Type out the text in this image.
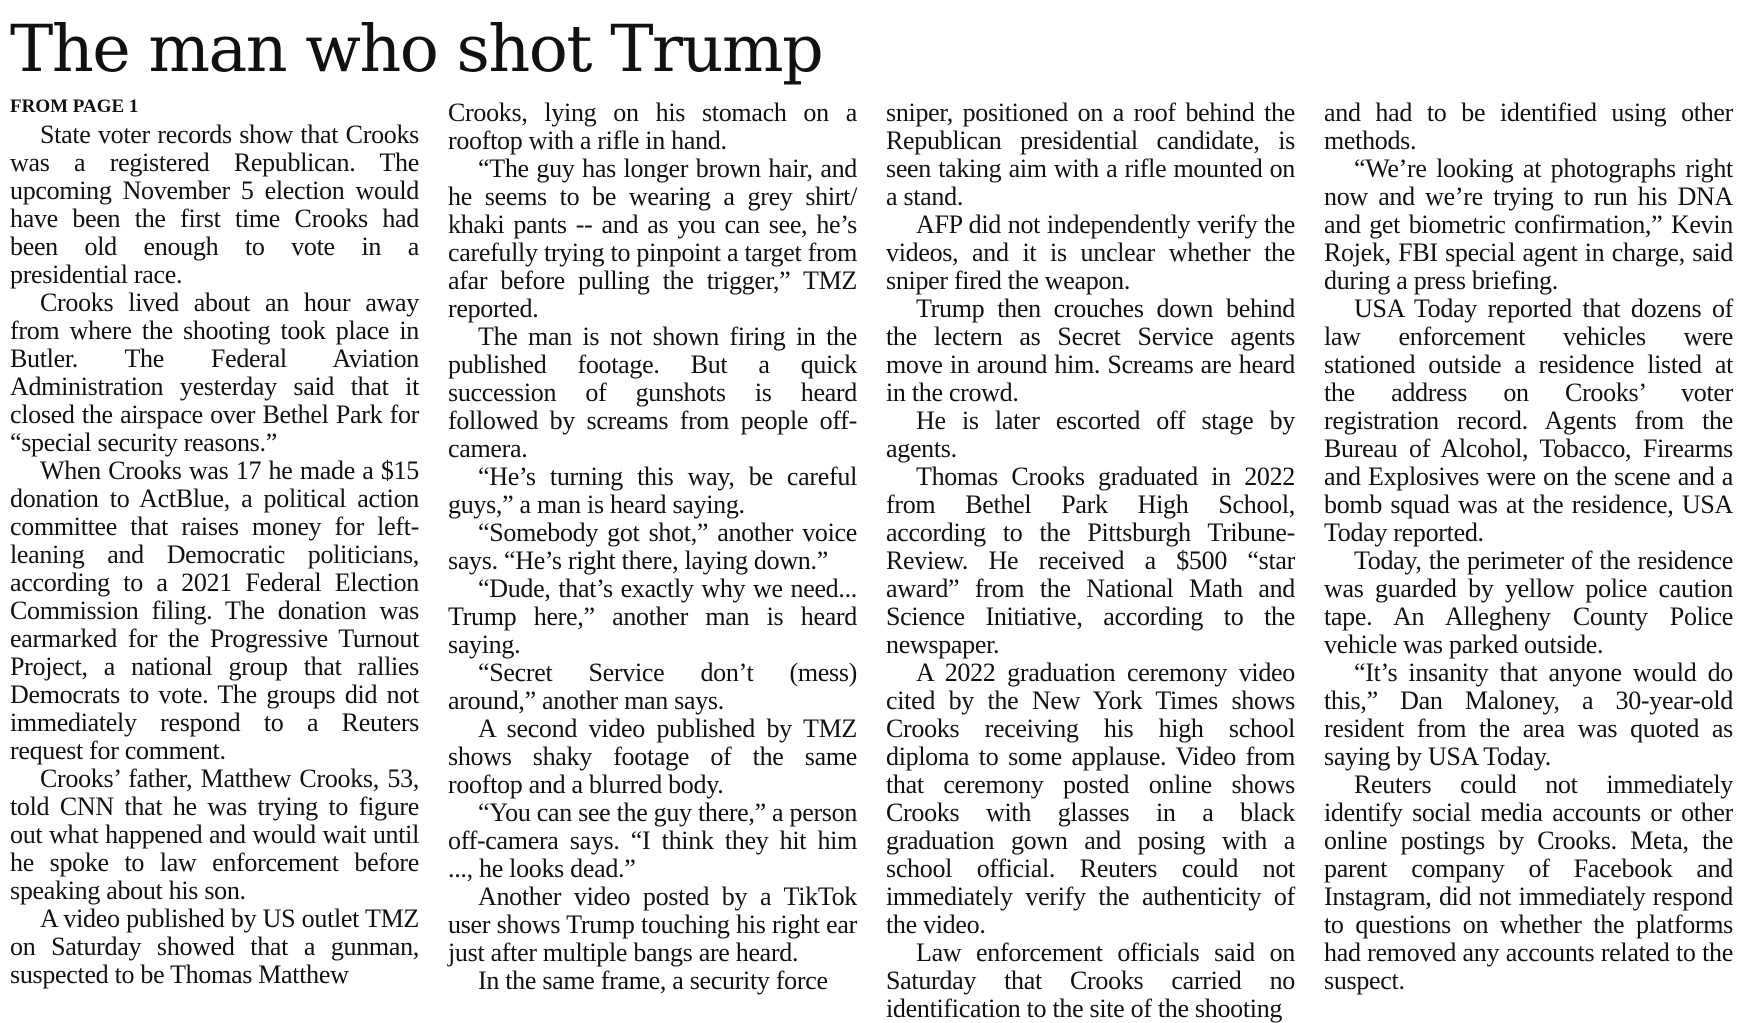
The man who shot Trump
FROM PAGE 1

State voter records show that Crooks was a registered Republican. The upcoming November 5 election would have been the first time Crooks had been old enough to vote in a presidential race.

Crooks lived about an hour away from where the shooting took place in Butler. The Federal Aviation Administration yesterday said that it closed the airspace over Bethel Park for “special security reasons.”

When Crooks was 17 he made a $15 donation to ActBlue, a political action committee that raises money for left-leaning and Democratic politicians, according to a 2021 Federal Election Commission filing. The donation was earmarked for the Progressive Turnout Project, a national group that rallies Democrats to vote. The groups did not immediately respond to a Reuters request for comment.

Crooks’ father, Matthew Crooks, 53, told CNN that he was trying to figure out what happened and would wait until he spoke to law enforcement before speaking about his son.

A video published by US outlet TMZ on Saturday showed that a gunman, suspected to be Thomas Matthew

Crooks, lying on his stomach on a rooftop with a rifle in hand.

“The guy has longer brown hair, and he seems to be wearing a grey shirt/ khaki pants -- and as you can see, he’s carefully trying to pinpoint a target from afar before pulling the trigger,” TMZ reported.

The man is not shown firing in the published footage. But a quick succession of gunshots is heard followed by screams from people off-camera.

“He’s turning this way, be careful guys,” a man is heard saying.

“Somebody got shot,” another voice says. “He’s right there, laying down.”

“Dude, that’s exactly why we need... Trump here,” another man is heard saying.

“Secret Service don’t (mess) around,” another man says.

A second video published by TMZ shows shaky footage of the same rooftop and a blurred body.

“You can see the guy there,” a person off-camera says. “I think they hit him ..., he looks dead.”

Another video posted by a TikTok user shows Trump touching his right ear just after multiple bangs are heard.

In the same frame, a security force

sniper, positioned on a roof behind the Republican presidential candidate, is seen taking aim with a rifle mounted on a stand.

AFP did not independently verify the videos, and it is unclear whether the sniper fired the weapon.

Trump then crouches down behind the lectern as Secret Service agents move in around him. Screams are heard in the crowd.

He is later escorted off stage by agents.

Thomas Crooks graduated in 2022 from Bethel Park High School, according to the Pittsburgh Tribune-Review. He received a $500 “star award” from the National Math and Science Initiative, according to the newspaper.

A 2022 graduation ceremony video cited by the New York Times shows Crooks receiving his high school diploma to some applause. Video from that ceremony posted online shows Crooks with glasses in a black graduation gown and posing with a school official. Reuters could not immediately verify the authenticity of the video.

Law enforcement officials said on Saturday that Crooks carried no identification to the site of the shooting

and had to be identified using other methods.

“We’re looking at photographs right now and we’re trying to run his DNA and get biometric confirmation,” Kevin Rojek, FBI special agent in charge, said during a press briefing.

USA Today reported that dozens of law enforcement vehicles were stationed outside a residence listed at the address on Crooks’ voter registration record. Agents from the Bureau of Alcohol, Tobacco, Firearms and Explosives were on the scene and a bomb squad was at the residence, USA Today reported.

Today, the perimeter of the residence was guarded by yellow police caution tape. An Allegheny County Police vehicle was parked outside.

“It’s insanity that anyone would do this,” Dan Maloney, a 30-year-old resident from the area was quoted as saying by USA Today.

Reuters could not immediately identify social media accounts or other online postings by Crooks. Meta, the parent company of Facebook and Instagram, did not immediately respond to questions on whether the platforms had removed any accounts related to the suspect.
